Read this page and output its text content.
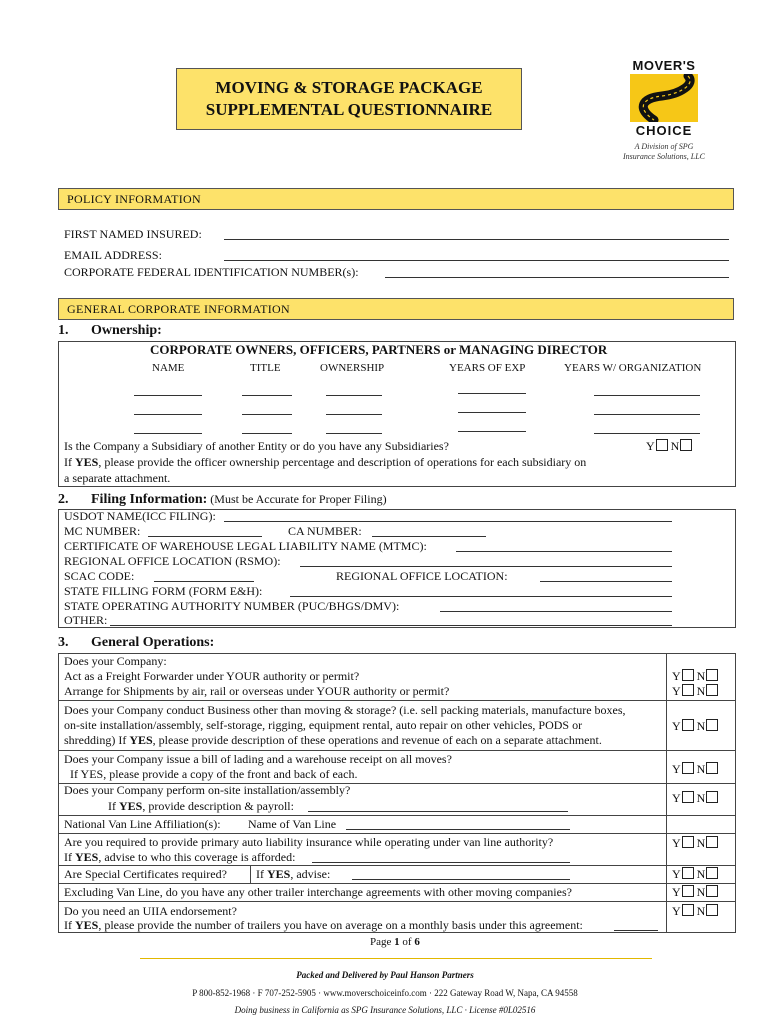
MOVING & STORAGE PACKAGE
SUPPLEMENTAL QUESTIONNAIRE
MOVER'S
CHOICE
A Division of SPG
Insurance Solutions, LLC
POLICY INFORMATION
FIRST NAMED INSURED:
EMAIL ADDRESS:
CORPORATE FEDERAL IDENTIFICATION NUMBER(s):
GENERAL CORPORATE INFORMATION
1. Ownership:
CORPORATE OWNERS, OFFICERS, PARTNERS or MANAGING DIRECTOR
NAME	TITLE	OWNERSHIP	YEARS OF EXP	YEARS W/ ORGANIZATION
Is the Company a Subsidiary of another Entity or do you have any Subsidiaries?	Y N
If YES, please provide the officer ownership percentage and description of operations for each subsidiary on
a separate attachment.
2. Filing Information: (Must be Accurate for Proper Filing)
USDOT NAME(ICC FILING):
MC NUMBER:	CA NUMBER:
CERTIFICATE OF WAREHOUSE LEGAL LIABILITY NAME (MTMC):
REGIONAL OFFICE LOCATION (RSMO):
SCAC CODE:	REGIONAL OFFICE LOCATION:
STATE FILLING FORM (FORM E&H):
STATE OPERATING AUTHORITY NUMBER (PUC/BHGS/DMV):
OTHER:
3. General Operations:
Does your Company:
Act as a Freight Forwarder under YOUR authority or permit?
Arrange for Shipments by air, rail or overseas under YOUR authority or permit?
Y N
Y N
Does your Company conduct Business other than moving & storage? (i.e. sell packing materials, manufacture boxes,
on-site installation/assembly, self-storage, rigging, equipment rental, auto repair on other vehicles, PODS or
shredding) If YES, please provide description of these operations and revenue of each on a separate attachment.
Y N
Does your Company issue a bill of lading and a warehouse receipt on all moves?
If YES, please provide a copy of the front and back of each.	Y N
Does your Company perform on-site installation/assembly?
If YES, provide description & payroll:
Y N
National Van Line Affiliation(s): Name of Van Line
Are you required to provide primary auto liability insurance while operating under van line authority?
If YES, advise to who this coverage is afforded:
Y N
Are Special Certificates required? If YES, advise:	Y N
Excluding Van Line, do you have any other trailer interchange agreements with other moving companies?	Y N
Do you need an UIIA endorsement?
If YES, please provide the number of trailers you have on average on a monthly basis under this agreement:
Y N
Page 1 of 6
Packed and Delivered by Paul Hanson Partners
P 800-852-1968 · F 707-252-5905 · www.moverschoiceinfo.com · 222 Gateway Road W, Napa, CA 94558
Doing business in California as SPG Insurance Solutions, LLC · License #0L02516
